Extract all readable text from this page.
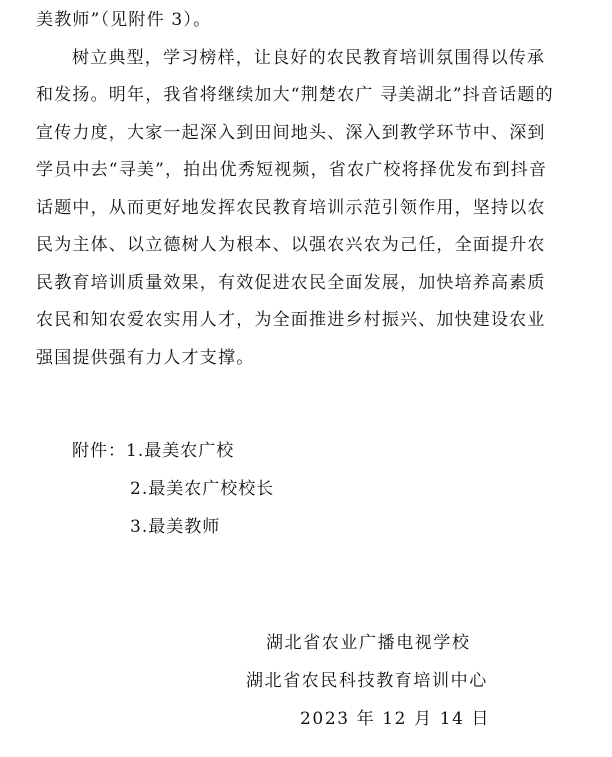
美教师”（见附件 3）。
树立典型，学习榜样，让良好的农民教育培训氛围得以传承
和发扬。明年，我省将继续加大“荆楚农广 寻美湖北”抖音话题的
宣传力度，大家一起深入到田间地头、深入到教学环节中、深到
学员中去“寻美”，拍出优秀短视频，省农广校将择优发布到抖音
话题中，从而更好地发挥农民教育培训示范引领作用，坚持以农
民为主体、以立德树人为根本、以强农兴农为己任，全面提升农
民教育培训质量效果，有效促进农民全面发展，加快培养高素质
农民和知农爱农实用人才，为全面推进乡村振兴、加快建设农业
强国提供强有力人才支撑。
附件：1.最美农广校
2.最美农广校校长
3.最美教师
湖北省农业广播电视学校
湖北省农民科技教育培训中心
2023 年 12 月 14 日
